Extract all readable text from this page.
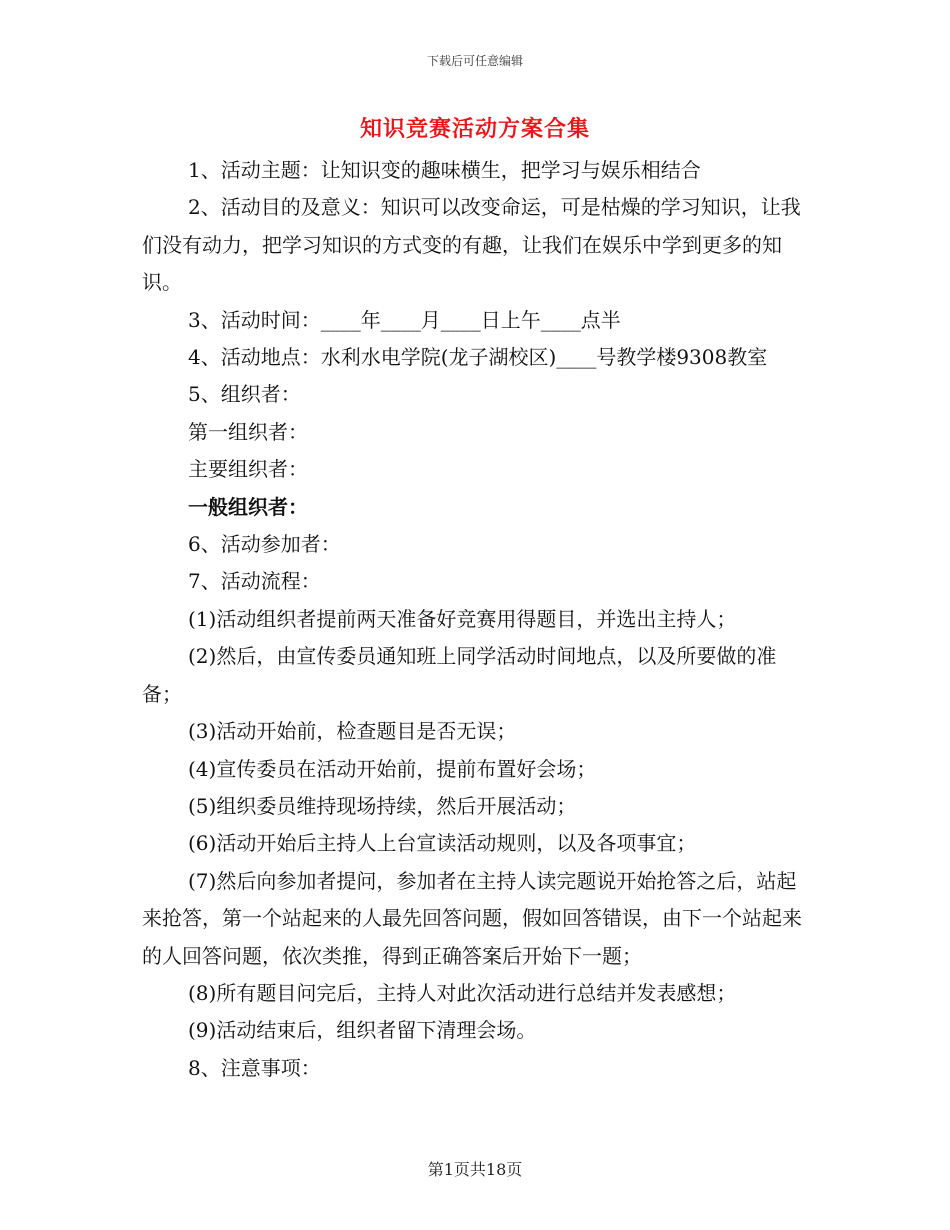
下载后可任意编辑
知识竞赛活动方案合集

1、活动主题：让知识变的趣味横生，把学习与娱乐相结合

2、活动目的及意义：知识可以改变命运，可是枯燥的学习知识，让我们没有动力，把学习知识的方式变的有趣，让我们在娱乐中学到更多的知识。

3、活动时间：____年____月____日上午____点半

4、活动地点：水利水电学院(龙子湖校区)____号教学楼9308教室

5、组织者：

第一组织者：

主要组织者：

一般组织者：

6、活动参加者：

7、活动流程：

(1)活动组织者提前两天准备好竞赛用得题目，并选出主持人；

(2)然后，由宣传委员通知班上同学活动时间地点，以及所要做的准备；

(3)活动开始前，检查题目是否无误；

(4)宣传委员在活动开始前，提前布置好会场；

(5)组织委员维持现场持续，然后开展活动；

(6)活动开始后主持人上台宣读活动规则，以及各项事宜；

(7)然后向参加者提问，参加者在主持人读完题说开始抢答之后，站起来抢答，第一个站起来的人最先回答问题，假如回答错误，由下一个站起来的人回答问题，依次类推，得到正确答案后开始下一题；

(8)所有题目问完后，主持人对此次活动进行总结并发表感想；

(9)活动结束后，组织者留下清理会场。

8、注意事项：

第1页共18页
